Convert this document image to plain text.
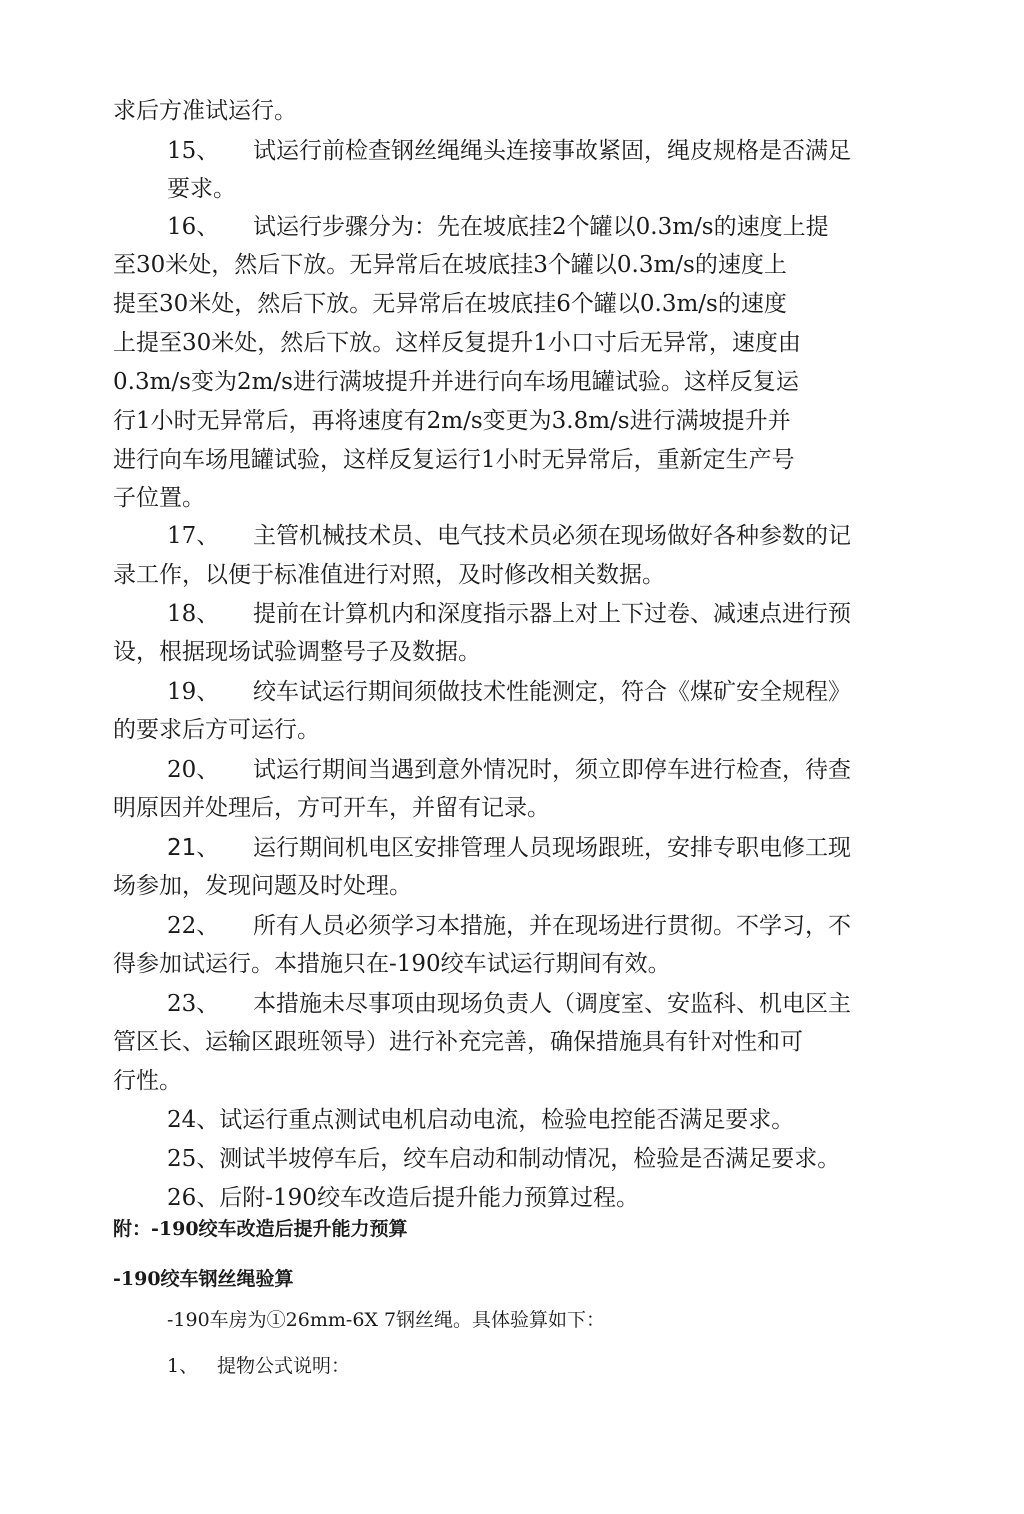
求后方准试运行。
15、 试运行前检查钢丝绳绳头连接事故紧固，绳皮规格是否满足
要求。
16、 试运行步骤分为：先在坡底挂2个罐以0.3m/s的速度上提
至30米处，然后下放。无异常后在坡底挂3个罐以0.3m/s的速度上
提至30米处，然后下放。无异常后在坡底挂6个罐以0.3m/s的速度
上提至30米处，然后下放。这样反复提升1小口寸后无异常，速度由
0.3m/s变为2m/s进行满坡提升并进行向车场甩罐试验。这样反复运
行1小时无异常后，再将速度有2m/s变更为3.8m/s进行满坡提升并
进行向车场甩罐试验，这样反复运行1小时无异常后，重新定生产号
子位置。
17、 主管机械技术员、电气技术员必须在现场做好各种参数的记
录工作，以便于标准值进行对照，及时修改相关数据。
18、 提前在计算机内和深度指示器上对上下过卷、减速点进行预
设，根据现场试验调整号子及数据。
19、 绞车试运行期间须做技术性能测定，符合《煤矿安全规程》
的要求后方可运行。
20、 试运行期间当遇到意外情况时，须立即停车进行检查，待查
明原因并处理后，方可开车，并留有记录。
21、 运行期间机电区安排管理人员现场跟班，安排专职电修工现
场参加，发现问题及时处理。
22、 所有人员必须学习本措施，并在现场进行贯彻。不学习，不
得参加试运行。本措施只在-190绞车试运行期间有效。
23、 本措施未尽事项由现场负责人（调度室、安监科、机电区主
管区长、运输区跟班领导）进行补充完善，确保措施具有针对性和可
行性。
24、试运行重点测试电机启动电流，检验电控能否满足要求。
25、测试半坡停车后，绞车启动和制动情况，检验是否满足要求。
26、后附-190绞车改造后提升能力预算过程。
附：-190绞车改造后提升能力预算
-190绞车钢丝绳验算
-190车房为①26mm-6X 7钢丝绳。具体验算如下：
1、 提物公式说明：
